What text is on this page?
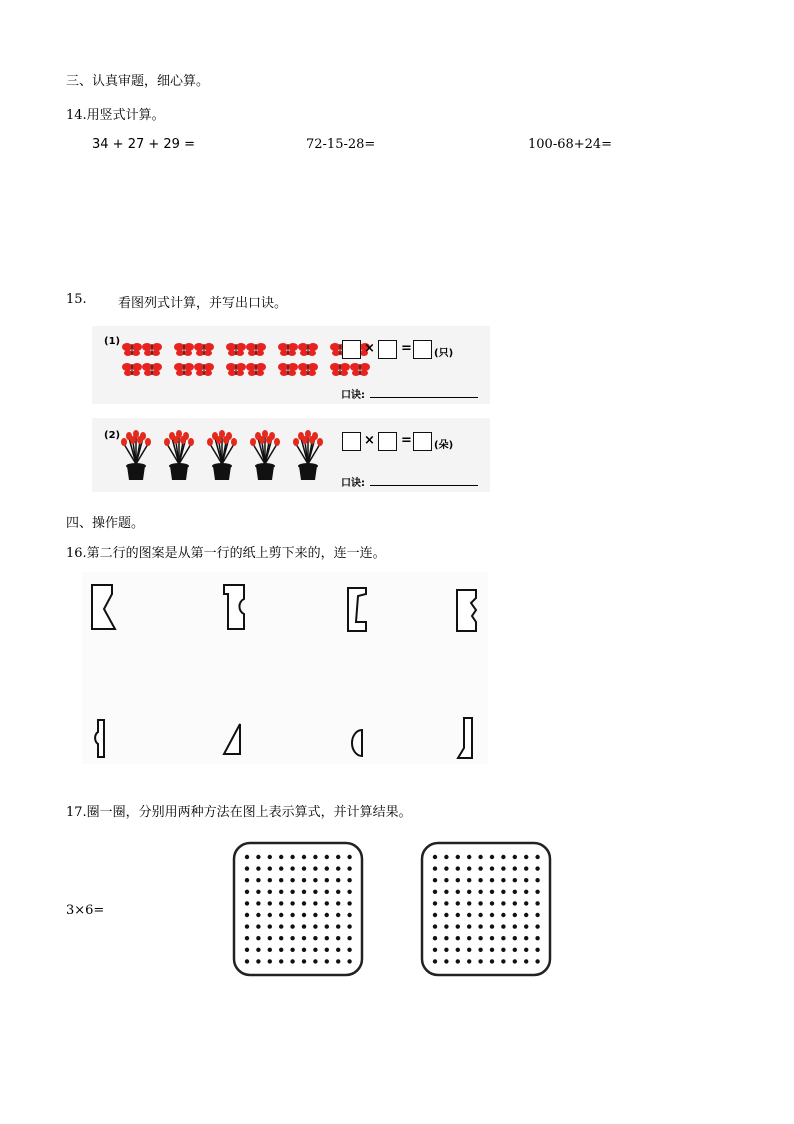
三、认真审题，细心算。
14.用竖式计算。
34 + 27 + 29 =	72-15-28=	100-68+24=
15. 看图列式计算，并写出口诀。
(1)	× = (只)
口诀:
(2)	× = (朵)
口诀:
四、操作题。
16.第二行的图案是从第一行的纸上剪下来的，连一连。
17.圈一圈，分别用两种方法在图上表示算式，并计算结果。
3×6=
